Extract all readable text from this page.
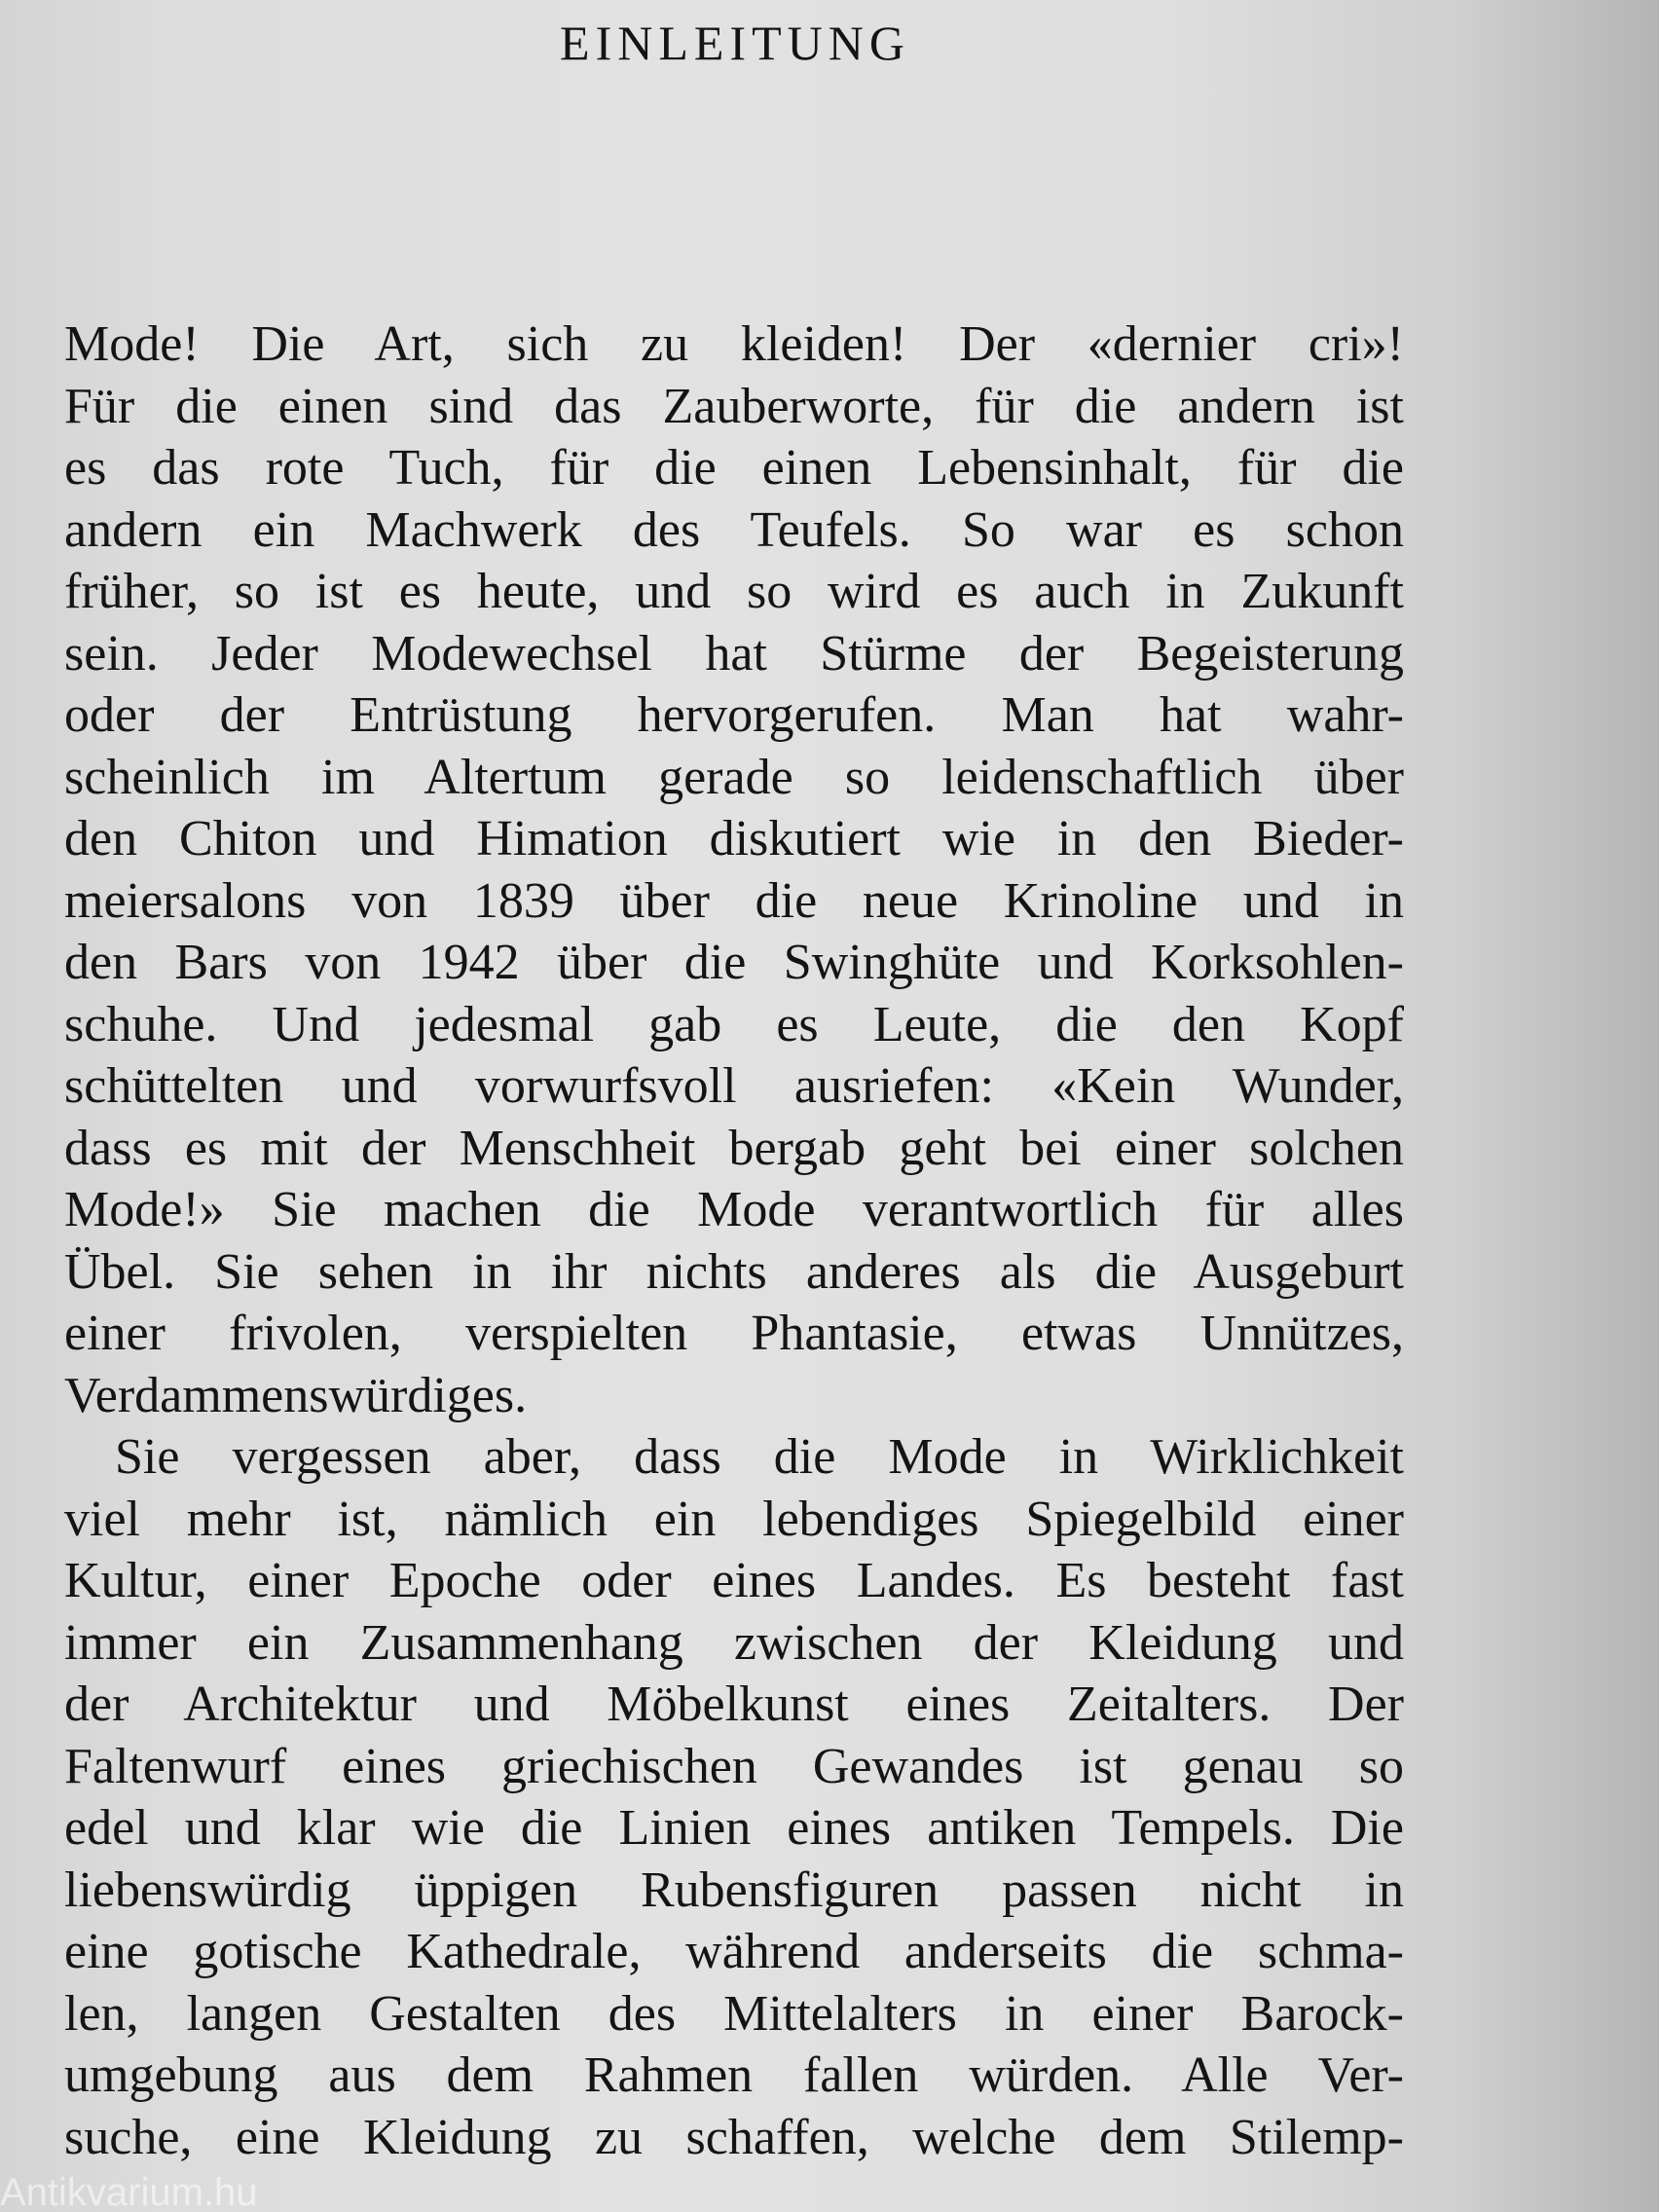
EINLEITUNG
Mode! Die Art, sich zu kleiden! Der «dernier cri»!
Für die einen sind das Zauberworte, für die andern ist
es das rote Tuch, für die einen Lebensinhalt, für die
andern ein Machwerk des Teufels. So war es schon
früher, so ist es heute, und so wird es auch in Zukunft
sein. Jeder Modewechsel hat Stürme der Begeisterung
oder der Entrüstung hervorgerufen. Man hat wahr-
scheinlich im Altertum gerade so leidenschaftlich über
den Chiton und Himation diskutiert wie in den Bieder-
meiersalons von 1839 über die neue Krinoline und in
den Bars von 1942 über die Swinghüte und Korksohlen-
schuhe. Und jedesmal gab es Leute, die den Kopf
schüttelten und vorwurfsvoll ausriefen: «Kein Wunder,
dass es mit der Menschheit bergab geht bei einer solchen
Mode!» Sie machen die Mode verantwortlich für alles
Übel. Sie sehen in ihr nichts anderes als die Ausgeburt
einer frivolen, verspielten Phantasie, etwas Unnützes,
Verdammenswürdiges.
Sie vergessen aber, dass die Mode in Wirklichkeit
viel mehr ist, nämlich ein lebendiges Spiegelbild einer
Kultur, einer Epoche oder eines Landes. Es besteht fast
immer ein Zusammenhang zwischen der Kleidung und
der Architektur und Möbelkunst eines Zeitalters. Der
Faltenwurf eines griechischen Gewandes ist genau so
edel und klar wie die Linien eines antiken Tempels. Die
liebenswürdig üppigen Rubensfiguren passen nicht in
eine gotische Kathedrale, während anderseits die schma-
len, langen Gestalten des Mittelalters in einer Barock-
umgebung aus dem Rahmen fallen würden. Alle Ver-
suche, eine Kleidung zu schaffen, welche dem Stilemp-
Antikvarium.hu
